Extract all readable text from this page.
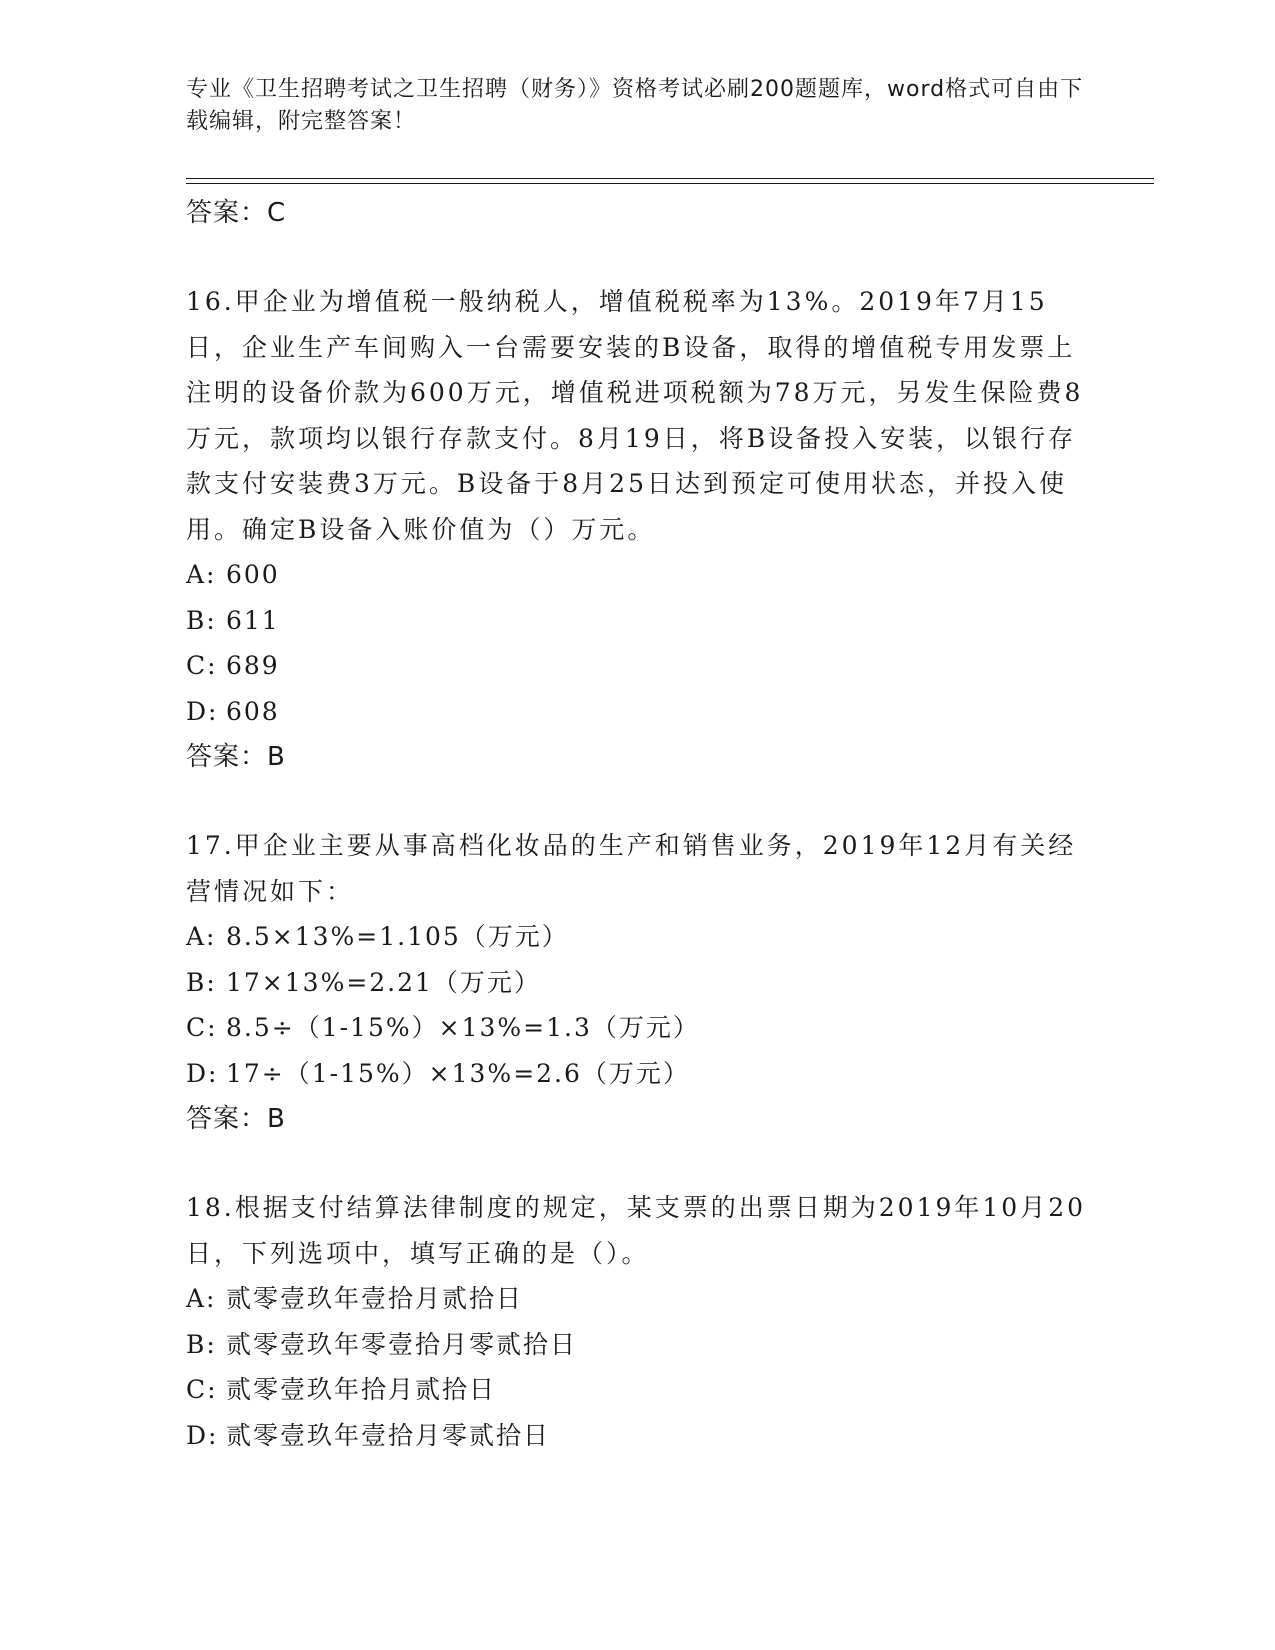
专业《卫生招聘考试之卫生招聘（财务）》资格考试必刷200题题库，word格式可自由下载编辑，附完整答案！

答案：C

16.甲企业为增值税一般纳税人，增值税税率为13%。2019年7月15日，企业生产车间购入一台需要安装的B设备，取得的增值税专用发票上注明的设备价款为600万元，增值税进项税额为78万元，另发生保险费8万元，款项均以银行存款支付。8月19日，将B设备投入安装，以银行存款支付安装费3万元。B设备于8月25日达到预定可使用状态，并投入使用。确定B设备入账价值为（）万元。

A: 600

B: 611

C: 689

D: 608

答案：B

17.甲企业主要从事高档化妆品的生产和销售业务，2019年12月有关经营情况如下：

A: 8.5×13%=1.105（万元）

B: 17×13%=2.21（万元）

C: 8.5÷（1-15%）×13%=1.3（万元）

D: 17÷（1-15%）×13%=2.6（万元）

答案：B

18.根据支付结算法律制度的规定，某支票的出票日期为2019年10月20日，下列选项中，填写正确的是（）。

A: 贰零壹玖年壹拾月贰拾日

B: 贰零壹玖年零壹拾月零贰拾日

C: 贰零壹玖年拾月贰拾日

D: 贰零壹玖年壹拾月零贰拾日
